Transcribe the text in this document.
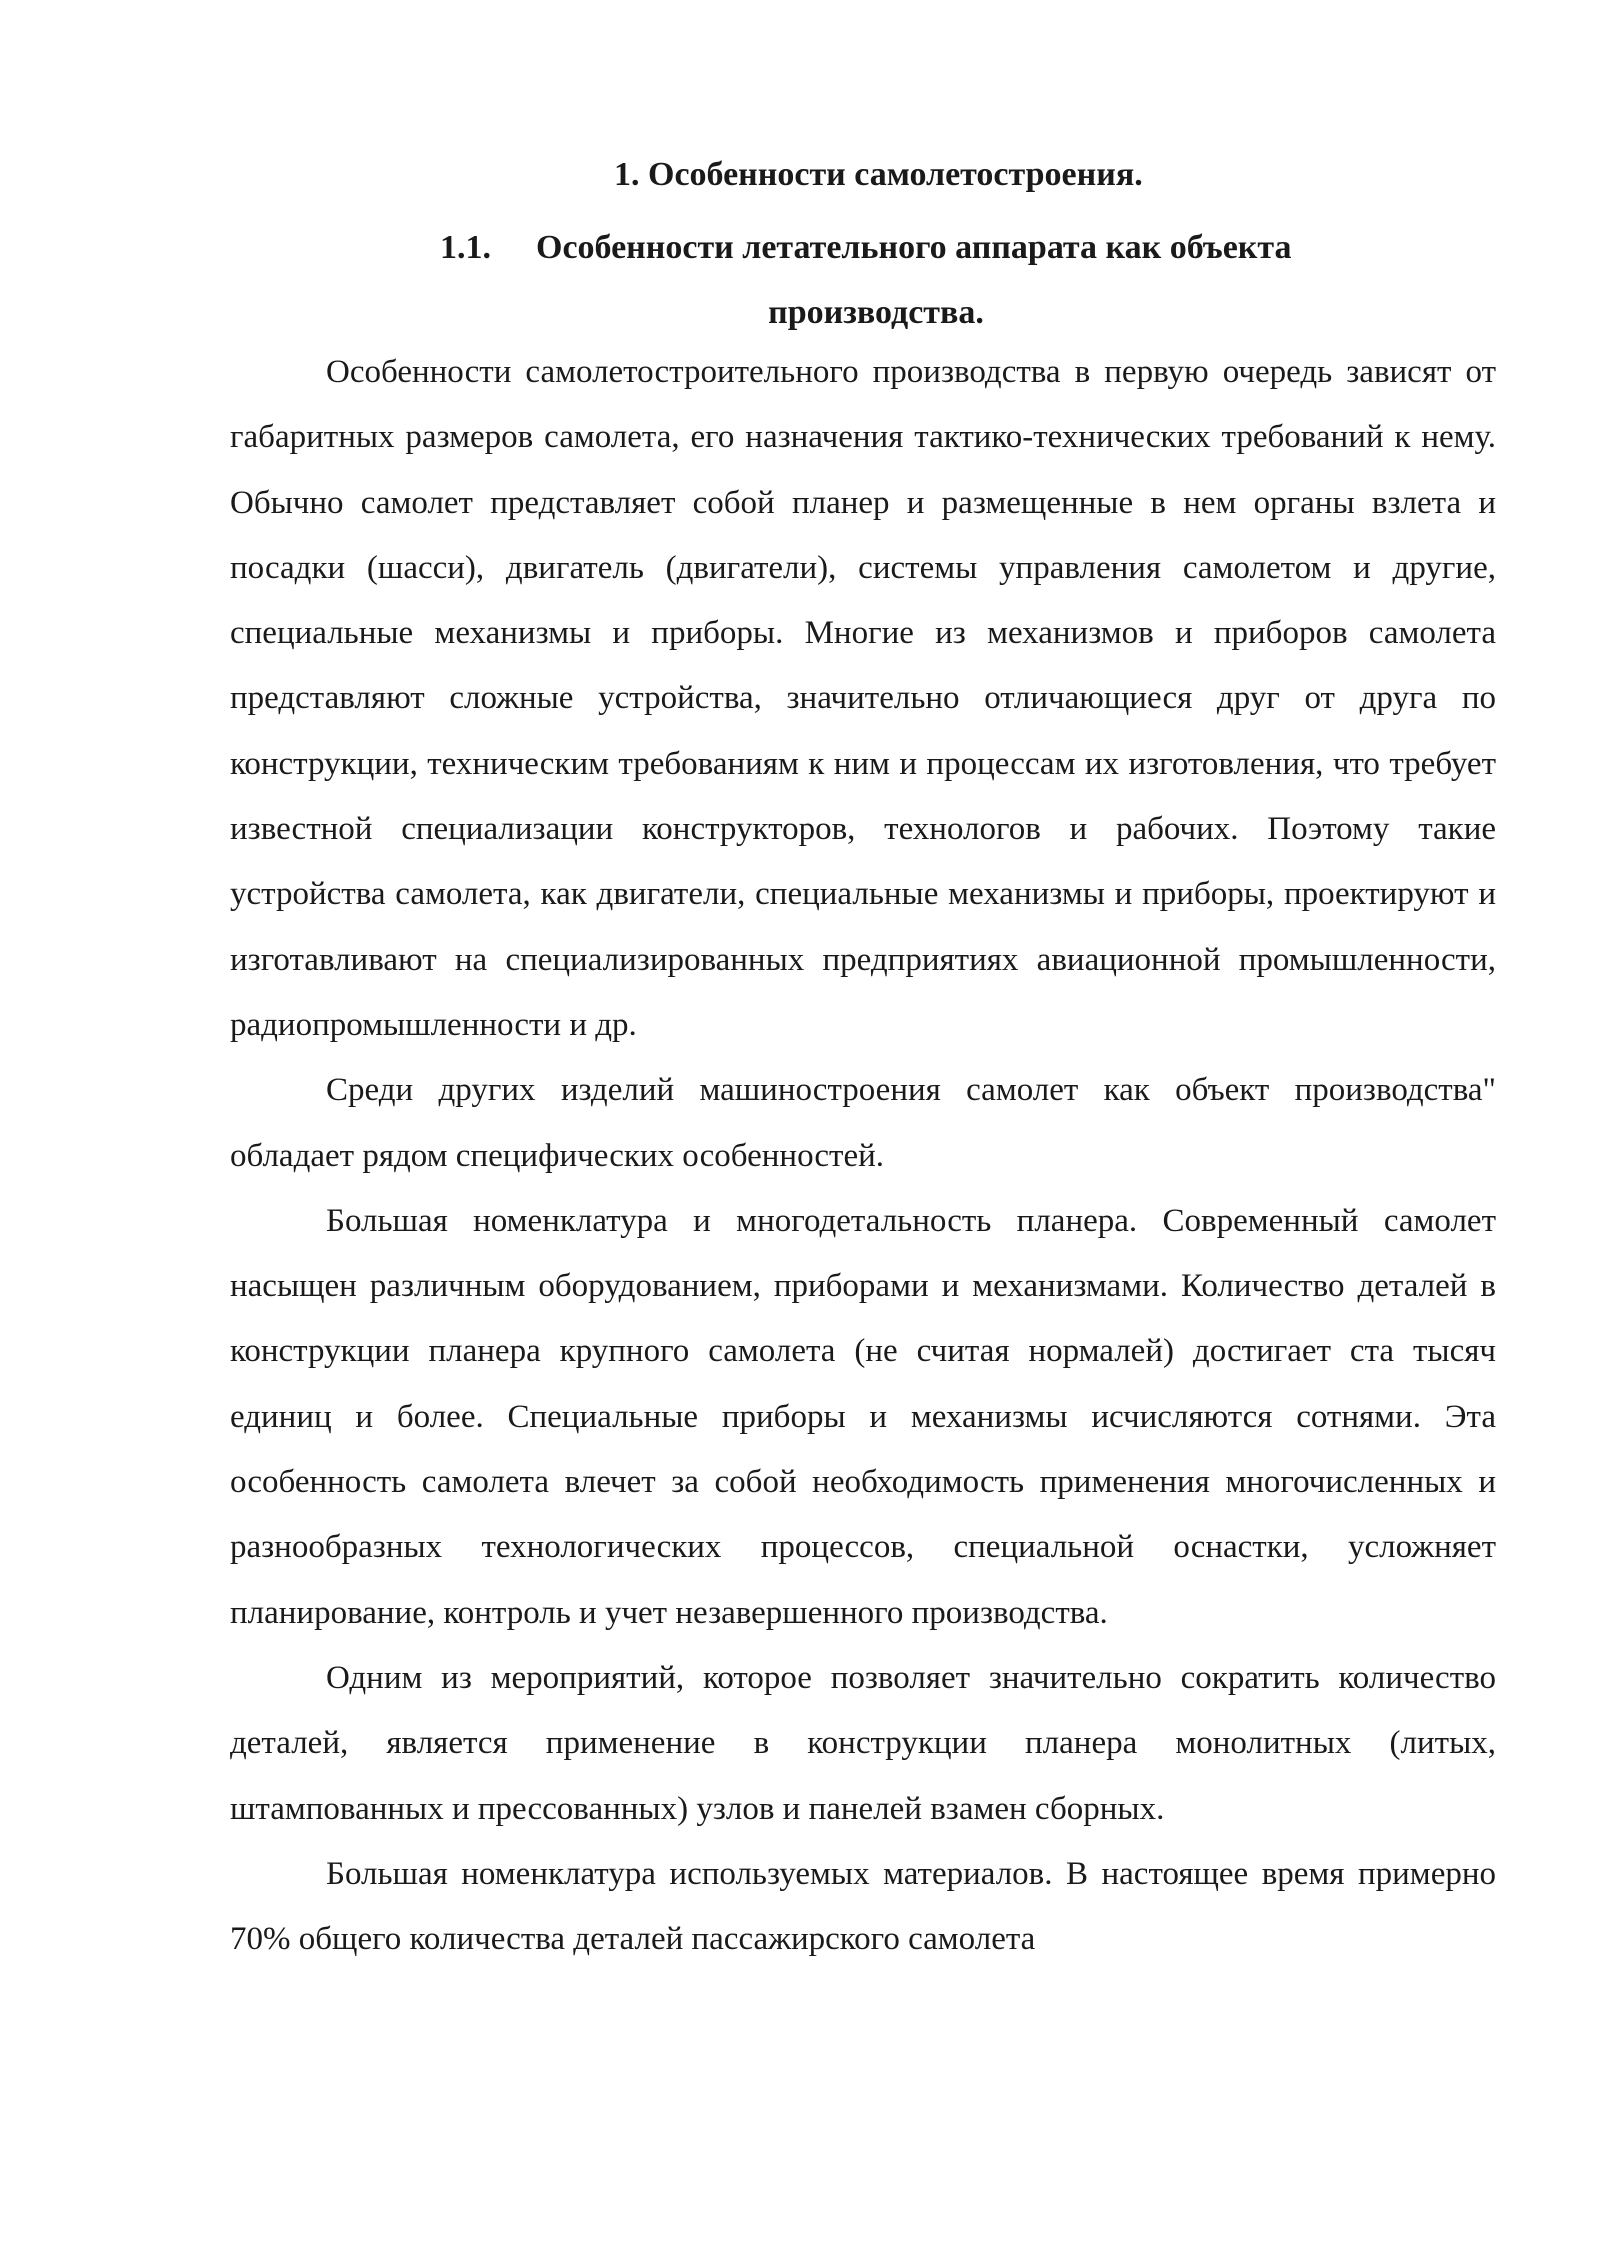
1. Особенности самолетостроения.
1.1. Особенности летательного аппарата как объекта
производства.

Особенности самолетостроительного производства в первую очередь зависят от габаритных размеров самолета, его назначения тактико-технических требований к нему. Обычно самолет представляет собой планер и размещенные в нем органы взлета и посадки (шасси), двигатель (двигатели), системы управления самолетом и другие, специальные механизмы и приборы. Многие из механизмов и приборов самолета представляют сложные устройства, значительно отличающиеся друг от друга по конструкции, техническим требованиям к ним и процессам их изготовления, что требует известной специализации конструкторов, технологов и рабочих. Поэтому такие устройства самолета, как двигатели, специальные механизмы и приборы, проектируют и изготавливают на специализированных предприятиях авиационной промышленности, радиопромышленности и др.

Среди других изделий машиностроения самолет как объект производства" обладает рядом специфических особенностей.

Большая номенклатура и многодетальность планера. Современный самолет насыщен различным оборудованием, приборами и механизмами. Количество деталей в конструкции планера крупного самолета (не считая нормалей) достигает ста тысяч единиц и более. Специальные приборы и механизмы исчисляются сотнями. Эта особенность самолета влечет за собой необходимость применения многочисленных и разнообразных технологических процессов, специальной оснастки, усложняет планирование, контроль и учет незавершенного производства.

Одним из мероприятий, которое позволяет значительно сократить количество деталей, является применение в конструкции планера монолитных (литых, штампованных и прессованных) узлов и панелей взамен сборных.

Большая номенклатура используемых материалов. В настоящее время примерно 70% общего количества деталей пассажирского самолета
